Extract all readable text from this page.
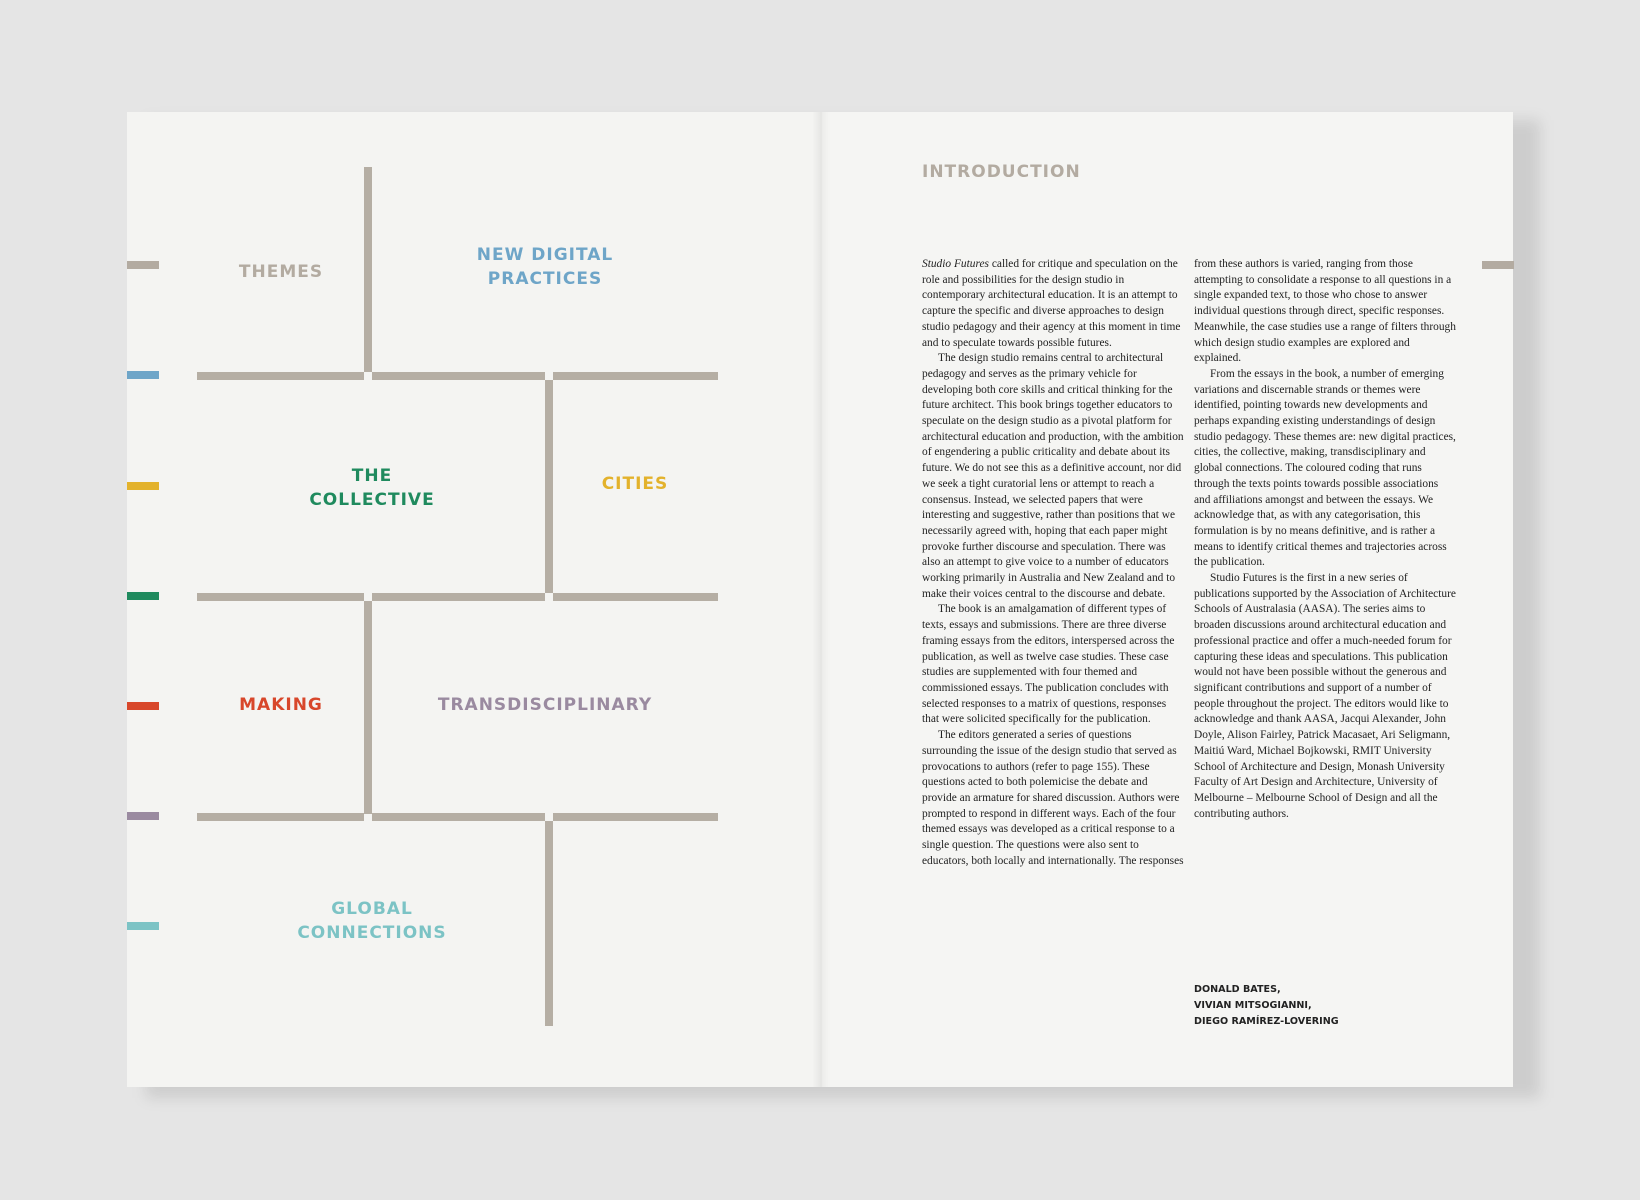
THEMES
NEW DIGITAL
PRACTICES
THE
COLLECTIVE
CITIES
MAKING	TRANSDISCIPLINARY
GLOBAL
CONNECTIONS
INTRODUCTION

Studio Futures called for critique and speculation on the role and possibilities for the design studio in contemporary architectural education. It is an attempt to capture the specific and diverse approaches to design studio pedagogy and their agency at this moment in time and to speculate towards possible futures.

The design studio remains central to architectural pedagogy and serves as the primary vehicle for developing both core skills and critical thinking for the future architect. This book brings together educators to speculate on the design studio as a pivotal platform for architectural education and production, with the ambition of engendering a public criticality and debate about its future. We do not see this as a definitive account, nor did we seek a tight curatorial lens or attempt to reach a consensus. Instead, we selected papers that were interesting and suggestive, rather than positions that we necessarily agreed with, hoping that each paper might provoke further discourse and speculation. There was also an attempt to give voice to a number of educators working primarily in Australia and New Zealand and to make their voices central to the discourse and debate.

The book is an amalgamation of different types of texts, essays and submissions. There are three diverse framing essays from the editors, interspersed across the publication, as well as twelve case studies. These case studies are supplemented with four themed and commissioned essays. The publication concludes with selected responses to a matrix of questions, responses that were solicited specifically for the publication.

The editors generated a series of questions surrounding the issue of the design studio that served as provocations to authors (refer to page 155). These questions acted to both polemicise the debate and provide an armature for shared discussion. Authors were prompted to respond in different ways. Each of the four themed essays was developed as a critical response to a single question. The questions were also sent to educators, both locally and internationally. The responses

from these authors is varied, ranging from those attempting to consolidate a response to all questions in a single expanded text, to those who chose to answer individual questions through direct, specific responses. Meanwhile, the case studies use a range of filters through which design studio examples are explored and explained.

From the essays in the book, a number of emerging variations and discernable strands or themes were identified, pointing towards new developments and perhaps expanding existing understandings of design studio pedagogy. These themes are: new digital practices, cities, the collective, making, transdisciplinary and global connections. The coloured coding that runs through the texts points towards possible associations and affiliations amongst and between the essays. We acknowledge that, as with any categorisation, this formulation is by no means definitive, and is rather a means to identify critical themes and trajectories across the publication.

Studio Futures is the first in a new series of publications supported by the Association of Architecture Schools of Australasia (AASA). The series aims to broaden discussions around architectural education and professional practice and offer a much-needed forum for capturing these ideas and speculations. This publication would not have been possible without the generous and significant contributions and support of a number of people throughout the project. The editors would like to acknowledge and thank AASA, Jacqui Alexander, John Doyle, Alison Fairley, Patrick Macasaet, Ari Seligmann, Maitiú Ward, Michael Bojkowski, RMIT University School of Architecture and Design, Monash University Faculty of Art Design and Architecture, University of Melbourne – Melbourne School of Design and all the contributing authors.

DONALD BATES,
VIVIAN MITSOGIANNI,
DIEGO RAMÍREZ-LOVERING
